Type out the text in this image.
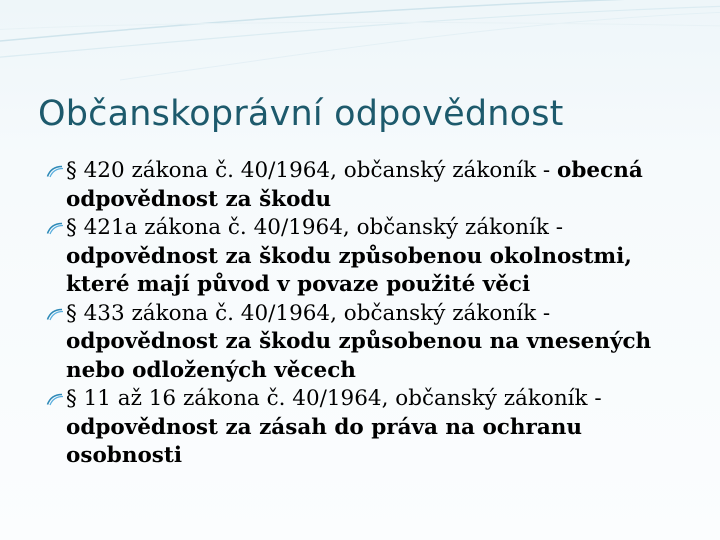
Občanskoprávní odpovědnost
§ 420 zákona č. 40/1964, občanský zákoník - obecná odpovědnost za škodu
§ 421a zákona č. 40/1964, občanský zákoník - odpovědnost za škodu způsobenou okolnostmi, které mají původ v povaze použité věci
§ 433 zákona č. 40/1964, občanský zákoník - odpovědnost za škodu způsobenou na vnesených nebo odložených věcech
§ 11 až 16 zákona č. 40/1964, občanský zákoník - odpovědnost za zásah do práva na ochranu osobnosti
